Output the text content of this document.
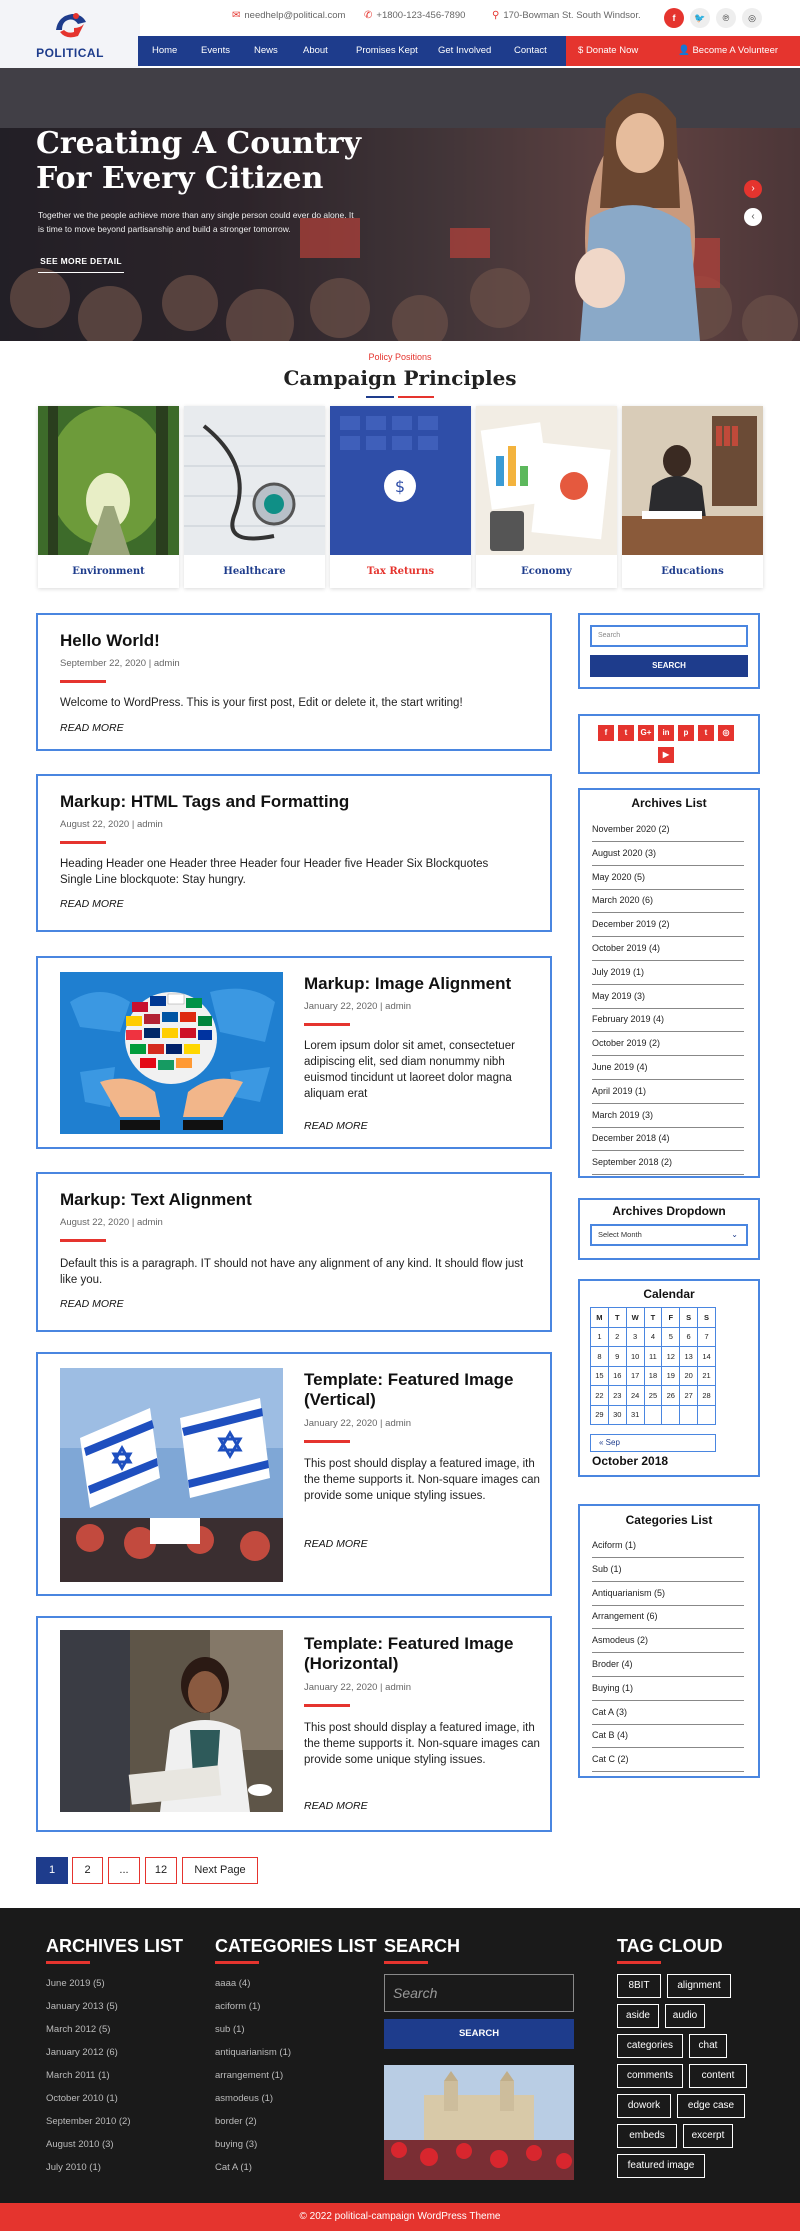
POLITICAL
✉ needhelp@political.com ✆ +1800-123-456-7890	⚲ 170-Bowman St. South Windsor.	f	🐦	℗	◎
Home Events	News	About	Promises Kept Get Involved Contact	$ Donate Now	👤 Become A Volunteer
Creating A Country
For Every Citizen
Together we the people achieve more than any single person could ever do alone. It is time to move beyond partisanship and build a stronger tomorrow.
SEE MORE DETAIL
›
‹
Policy Positions
Campaign Principles
Environment	Healthcare
$
Tax Returns	Economy	Educations
Hello World!
September 22, 2020 | admin
Welcome to WordPress. This is your first post, Edit or delete it, the start writing!
READ MORE
Markup: HTML Tags and Formatting
August 22, 2020 | admin
Heading Header one Header three Header four Header five Header Six Blockquotes Single Line blockquote: Stay hungry.
READ MORE
Markup: Image Alignment
January 22, 2020 | admin
Lorem ipsum dolor sit amet, consectetuer adipiscing elit, sed diam nonummy nibh euismod tincidunt ut laoreet dolor magna aliquam erat
READ MORE
Markup: Text Alignment
August 22, 2020 | admin
Default this is a paragraph. IT should not have any alignment of any kind. It should flow just like you.
READ MORE
Template: Featured Image (Vertical)
January 22, 2020 | admin
This post should display a featured image, ith the theme supports it. Non-square images can provide some unique styling issues.
READ MORE
Template: Featured Image (Horizontal)
January 22, 2020 | admin
This post should display a featured image, ith the theme supports it. Non-square images can provide some unique styling issues.
READ MORE
Search
SEARCH
f	t	G+	in	p	t	◎
▶
Archives List
November 2020 (2)
August 2020 (3)
May 2020 (5)
March 2020 (6)
December 2019 (2)
October 2019 (4)
July 2019 (1)
May 2019 (3)
February 2019 (4)
October 2019 (2)
June 2019 (4)
April 2019 (1)
March 2019 (3)
December 2018 (4)
September 2018 (2)
Archives Dropdown
Select Month	⌄
Calendar
M	T	W	T	F	S	S
1	2	3	4	5	6	7
8	9	10	11	12	13	14
15	16	17	18	19	20	21
22	23	24	25	26	27	28
29	30	31				
« Sep
October 2018
Categories List
Aciform (1)
Sub (1)
Antiquarianism (5)
Arrangement (6)
Asmodeus (2)
Broder (4)
Buying (1)
Cat A (3)
Cat B (4)
Cat C (2)
1	2	...	12	Next Page
ARCHIVES LIST
June 2019 (5)
January 2013 (5)
March 2012 (5)
January 2012 (6)
March 2011 (1)
October 2010 (1)
September 2010 (2)
August 2010 (3)
July 2010 (1)
CATEGORIES LIST
aaaa (4)
aciform (1)
sub (1)
antiquarianism (1)
arrangement (1)
asmodeus (1)
border (2)
buying (3)
Cat A (1)
SEARCH
Search
SEARCH
TAG CLOUD
8BIT	alignment
aside	audio
categories	chat
comments	content
dowork	edge case
embeds	excerpt
featured image
© 2022 political-campaign WordPress Theme
